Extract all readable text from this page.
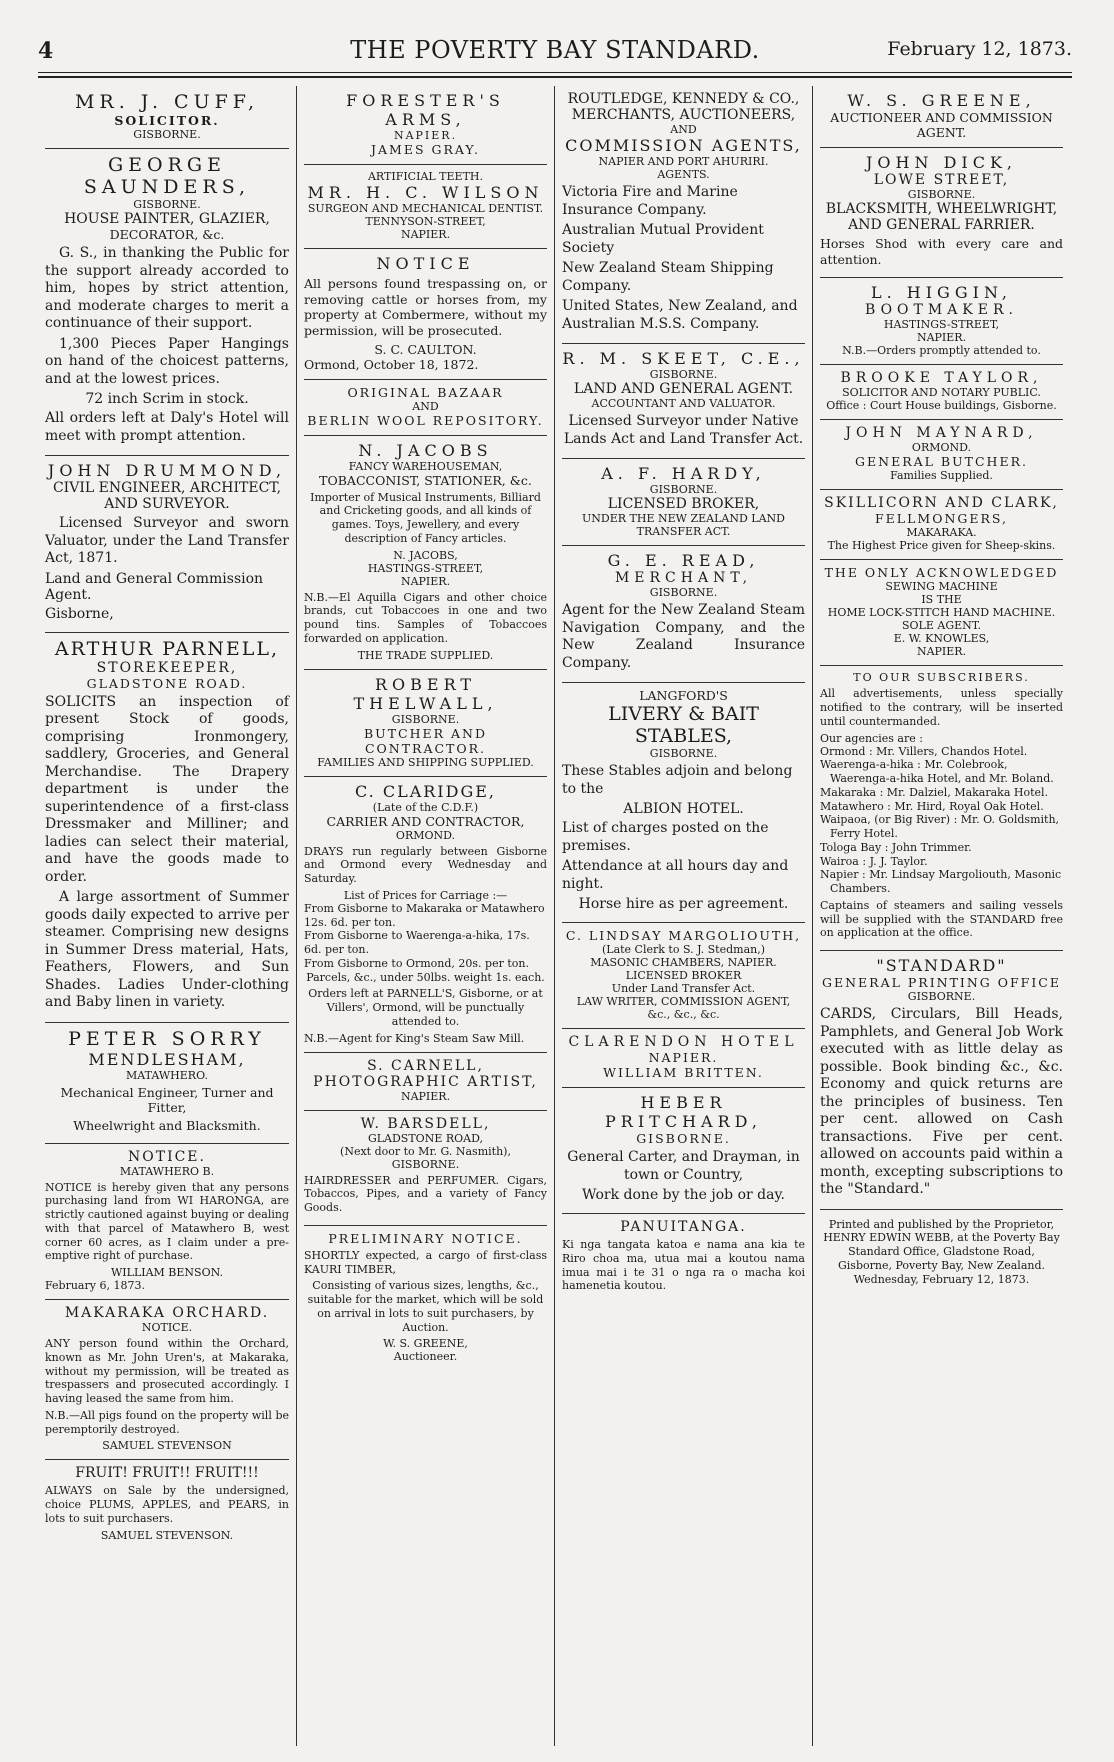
4	THE POVERTY BAY STANDARD.	February 12, 1873.
MR. J. CUFF,
SOLICITOR.
GISBORNE.
GEORGE SAUNDERS,
GISBORNE.
HOUSE PAINTER, GLAZIER,
DECORATOR, &c.

G. S., in thanking the Public for the support already accorded to him, hopes by strict attention, and moderate charges to merit a continuance of their support.

1,300 Pieces Paper Hangings on hand of the choicest patterns, and at the lowest prices.

72 inch Scrim in stock.

All orders left at Daly's Hotel will meet with prompt attention.

JOHN DRUMMOND,
CIVIL ENGINEER, ARCHITECT,
AND SURVEYOR.

Licensed Surveyor and sworn Valuator, under the Land Transfer Act, 1871.

Land and General Commission Agent.

Gisborne,

ARTHUR PARNELL,
STOREKEEPER,
GLADSTONE ROAD.

SOLICITS an inspection of present Stock of goods, comprising Ironmongery, saddlery, Groceries, and General Merchandise. The Drapery department is under the superintendence of a first-class Dressmaker and Milliner; and ladies can select their material, and have the goods made to order.

A large assortment of Summer goods daily expected to arrive per steamer. Comprising new designs in Summer Dress material, Hats, Feathers, Flowers, and Sun Shades. Ladies Under-clothing and Baby linen in variety.

PETER SORRY
MENDLESHAM,
MATAWHERO.

Mechanical Engineer, Turner and Fitter,

Wheelwright and Blacksmith.

NOTICE.
MATAWHERO B.

NOTICE is hereby given that any persons purchasing land from WI HARONGA, are strictly cautioned against buying or dealing with that parcel of Matawhero B, west corner 60 acres, as I claim under a pre-emptive right of purchase.

WILLIAM BENSON.
February 6, 1873.
MAKARAKA ORCHARD.
NOTICE.

ANY person found within the Orchard, known as Mr. John Uren's, at Makaraka, without my permission, will be treated as trespassers and prosecuted accordingly. I having leased the same from him.

N.B.—All pigs found on the property will be peremptorily destroyed.

SAMUEL STEVENSON
FRUIT! FRUIT!! FRUIT!!!

ALWAYS on Sale by the undersigned, choice PLUMS, APPLES, and PEARS, in lots to suit purchasers.

SAMUEL STEVENSON.
FORESTER'S ARMS,
NAPIER.
JAMES GRAY.
ARTIFICIAL TEETH.
MR. H. C. WILSON
SURGEON AND MECHANICAL DENTIST.
TENNYSON-STREET,
NAPIER.
NOTICE

All persons found trespassing on, or removing cattle or horses from, my property at Combermere, without my permission, will be prosecuted.

S. C. CAULTON.
Ormond, October 18, 1872.
ORIGINAL BAZAAR
AND
BERLIN WOOL REPOSITORY.
N. JACOBS
FANCY WAREHOUSEMAN,
TOBACCONIST, STATIONER, &c.

Importer of Musical Instruments, Billiard and Cricketing goods, and all kinds of games. Toys, Jewellery, and every description of Fancy articles.

N. JACOBS,
HASTINGS-STREET,
NAPIER.

N.B.—El Aquilla Cigars and other choice brands, cut Tobaccoes in one and two pound tins. Samples of Tobaccoes forwarded on application.

THE TRADE SUPPLIED.
ROBERT THELWALL,
GISBORNE.
BUTCHER AND CONTRACTOR.
FAMILIES AND SHIPPING SUPPLIED.
C. CLARIDGE,
(Late of the C.D.F.)
CARRIER AND CONTRACTOR,
ORMOND.

DRAYS run regularly between Gisborne and Ormond every Wednesday and Saturday.

List of Prices for Carriage :—
From Gisborne to Makaraka or Matawhero 12s. 6d. per ton.
From Gisborne to Waerenga-a-hika, 17s. 6d. per ton.
From Gisborne to Ormond, 20s. per ton.
Parcels, &c., under 50lbs. weight 1s. each.

Orders left at PARNELL'S, Gisborne, or at Villers', Ormond, will be punctually attended to.

N.B.—Agent for King's Steam Saw Mill.
S. CARNELL,
PHOTOGRAPHIC ARTIST,
NAPIER.
W. BARSDELL,
GLADSTONE ROAD,
(Next door to Mr. G. Nasmith),
GISBORNE.

HAIRDRESSER and PERFUMER. Cigars, Tobaccos, Pipes, and a variety of Fancy Goods.

PRELIMINARY NOTICE.

SHORTLY expected, a cargo of first-class KAURI TIMBER,

Consisting of various sizes, lengths, &c., suitable for the market, which will be sold on arrival in lots to suit purchasers, by Auction.

W. S. GREENE,
Auctioneer.
ROUTLEDGE, KENNEDY & CO.,
MERCHANTS, AUCTIONEERS,
AND
COMMISSION AGENTS,
NAPIER AND PORT AHURIRI.
AGENTS.

Victoria Fire and Marine Insurance Company.

Australian Mutual Provident Society

New Zealand Steam Shipping Company.

United States, New Zealand, and Australian M.S.S. Company.

R. M. SKEET, C.E.,
GISBORNE.
LAND AND GENERAL AGENT.
ACCOUNTANT AND VALUATOR.

Licensed Surveyor under Native Lands Act and Land Transfer Act.

A. F. HARDY,
GISBORNE.
LICENSED BROKER,
UNDER THE NEW ZEALAND LAND TRANSFER ACT.
G. E. READ,
MERCHANT,
GISBORNE.

Agent for the New Zealand Steam Navigation Company, and the New Zealand Insurance Company.

LANGFORD'S
LIVERY & BAIT STABLES,
GISBORNE.

These Stables adjoin and belong to the

ALBION HOTEL.

List of charges posted on the premises.

Attendance at all hours day and night.

Horse hire as per agreement.

C. LINDSAY MARGOLIOUTH,
(Late Clerk to S. J. Stedman,)
MASONIC CHAMBERS, NAPIER.
LICENSED BROKER
Under Land Transfer Act.
LAW WRITER, COMMISSION AGENT,
&c., &c., &c.
CLARENDON HOTEL
NAPIER.
WILLIAM BRITTEN.
HEBER PRITCHARD,
GISBORNE.

General Carter, and Drayman, in town or Country,

Work done by the job or day.

PANUITANGA.

Ki nga tangata katoa e nama ana kia te Riro choa ma, utua mai a koutou nama imua mai i te 31 o nga ra o macha koi hamenetia koutou.

W. S. GREENE,
AUCTIONEER AND COMMISSION
AGENT.
JOHN DICK,
LOWE STREET,
GISBORNE.
BLACKSMITH, WHEELWRIGHT,
AND GENERAL FARRIER.

Horses Shod with every care and attention.

L. HIGGIN,
BOOTMAKER.
HASTINGS-STREET,
NAPIER.
N.B.—Orders promptly attended to.
BROOKE TAYLOR,
SOLICITOR AND NOTARY PUBLIC.
Office : Court House buildings, Gisborne.
JOHN MAYNARD,
ORMOND.
GENERAL BUTCHER.
Families Supplied.
SKILLICORN AND CLARK,
FELLMONGERS,
MAKARAKA.
The Highest Price given for Sheep-skins.
THE ONLY ACKNOWLEDGED
SEWING MACHINE
IS THE
HOME LOCK-STITCH HAND MACHINE.
SOLE AGENT.
E. W. KNOWLES,
NAPIER.
TO OUR SUBSCRIBERS.

All advertisements, unless specially notified to the contrary, will be inserted until countermanded.

Our agencies are :
Ormond : Mr. Villers, Chandos Hotel.
Waerenga-a-hika : Mr. Colebrook, Waerenga-a-hika Hotel, and Mr. Boland.
Makaraka : Mr. Dalziel, Makaraka Hotel.
Matawhero : Mr. Hird, Royal Oak Hotel.
Waipaoa, (or Big River) : Mr. O. Goldsmith, Ferry Hotel.
Tologa Bay : John Trimmer.
Wairoa : J. J. Taylor.
Napier : Mr. Lindsay Margoliouth, Masonic Chambers.

Captains of steamers and sailing vessels will be supplied with the STANDARD free on application at the office.

"STANDARD"
GENERAL PRINTING OFFICE
GISBORNE.

CARDS, Circulars, Bill Heads, Pamphlets, and General Job Work executed with as little delay as possible. Book binding &c., &c. Economy and quick returns are the principles of business. Ten per cent. allowed on Cash transactions. Five per cent. allowed on accounts paid within a month, excepting subscriptions to the "Standard."

Printed and published by the Proprietor, HENRY EDWIN WEBB, at the Poverty Bay Standard Office, Gladstone Road, Gisborne, Poverty Bay, New Zealand. Wednesday, February 12, 1873.
